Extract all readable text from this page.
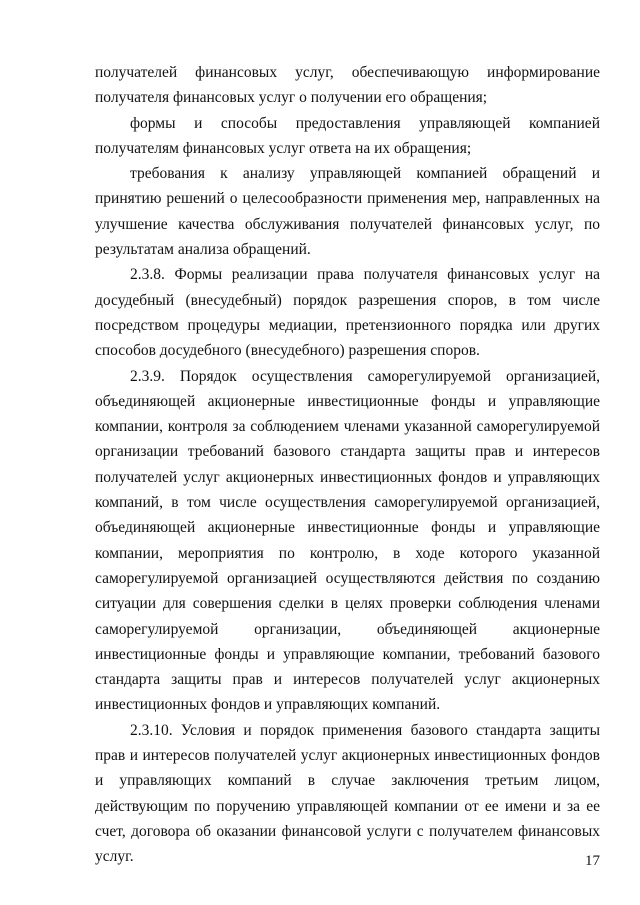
получателей финансовых услуг, обеспечивающую информирование получателя финансовых услуг о получении его обращения;

формы и способы предоставления управляющей компанией получателям финансовых услуг ответа на их обращения;

требования к анализу управляющей компанией обращений и принятию решений о целесообразности применения мер, направленных на улучшение качества обслуживания получателей финансовых услуг, по результатам анализа обращений.

2.3.8. Формы реализации права получателя финансовых услуг на досудебный (внесудебный) порядок разрешения споров, в том числе посредством процедуры медиации, претензионного порядка или других способов досудебного (внесудебного) разрешения споров.

2.3.9. Порядок осуществления саморегулируемой организацией, объединяющей акционерные инвестиционные фонды и управляющие компании, контроля за соблюдением членами указанной саморегулируемой организации требований базового стандарта защиты прав и интересов получателей услуг акционерных инвестиционных фондов и управляющих компаний, в том числе осуществления саморегулируемой организацией, объединяющей акционерные инвестиционные фонды и управляющие компании, мероприятия по контролю, в ходе которого указанной саморегулируемой организацией осуществляются действия по созданию ситуации для совершения сделки в целях проверки соблюдения членами саморегулируемой организации, объединяющей акционерные инвестиционные фонды и управляющие компании, требований базового стандарта защиты прав и интересов получателей услуг акционерных инвестиционных фондов и управляющих компаний.

2.3.10. Условия и порядок применения базового стандарта защиты прав и интересов получателей услуг акционерных инвестиционных фондов и управляющих компаний в случае заключения третьим лицом, действующим по поручению управляющей компании от ее имени и за ее счет, договора об оказании финансовой услуги с получателем финансовых услуг.	17
